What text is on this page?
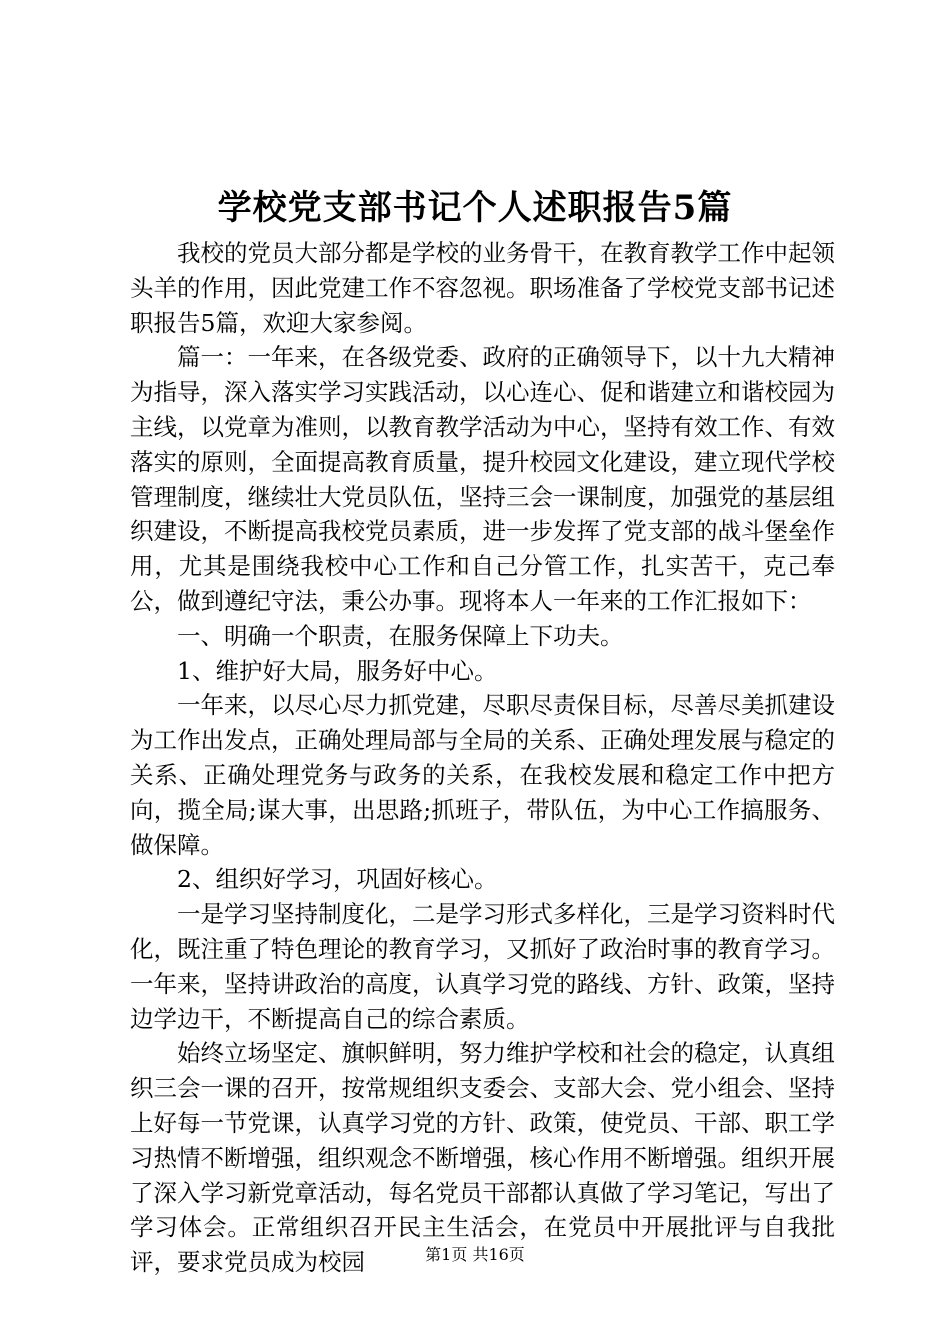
学校党支部书记个人述职报告5篇

我校的党员大部分都是学校的业务骨干，在教育教学工作中起领头羊的作用，因此党建工作不容忽视。职场准备了学校党支部书记述职报告5篇，欢迎大家参阅。

篇一：一年来，在各级党委、政府的正确领导下，以十九大精神为指导，深入落实学习实践活动，以心连心、促和谐建立和谐校园为主线，以党章为准则，以教育教学活动为中心，坚持有效工作、有效落实的原则，全面提高教育质量，提升校园文化建设，建立现代学校管理制度，继续壮大党员队伍，坚持三会一课制度，加强党的基层组织建设，不断提高我校党员素质，进一步发挥了党支部的战斗堡垒作用，尤其是围绕我校中心工作和自己分管工作，扎实苦干，克己奉公，做到遵纪守法，秉公办事。现将本人一年来的工作汇报如下：

一、明确一个职责，在服务保障上下功夫。

1、维护好大局，服务好中心。

一年来，以尽心尽力抓党建，尽职尽责保目标，尽善尽美抓建设为工作出发点，正确处理局部与全局的关系、正确处理发展与稳定的关系、正确处理党务与政务的关系，在我校发展和稳定工作中把方向，揽全局;谋大事，出思路;抓班子，带队伍，为中心工作搞服务、做保障。

2、组织好学习，巩固好核心。

一是学习坚持制度化，二是学习形式多样化，三是学习资料时代化，既注重了特色理论的教育学习，又抓好了政治时事的教育学习。一年来，坚持讲政治的高度，认真学习党的路线、方针、政策，坚持边学边干，不断提高自己的综合素质。

始终立场坚定、旗帜鲜明，努力维护学校和社会的稳定，认真组织三会一课的召开，按常规组织支委会、支部大会、党小组会、坚持上好每一节党课，认真学习党的方针、政策，使党员、干部、职工学习热情不断增强，组织观念不断增强，核心作用不断增强。组织开展了深入学习新党章活动，每名党员干部都认真做了学习笔记，写出了学习体会。正常组织召开民主生活会，在党员中开展批评与自我批评，要求党员成为校园	第1页 共16页
